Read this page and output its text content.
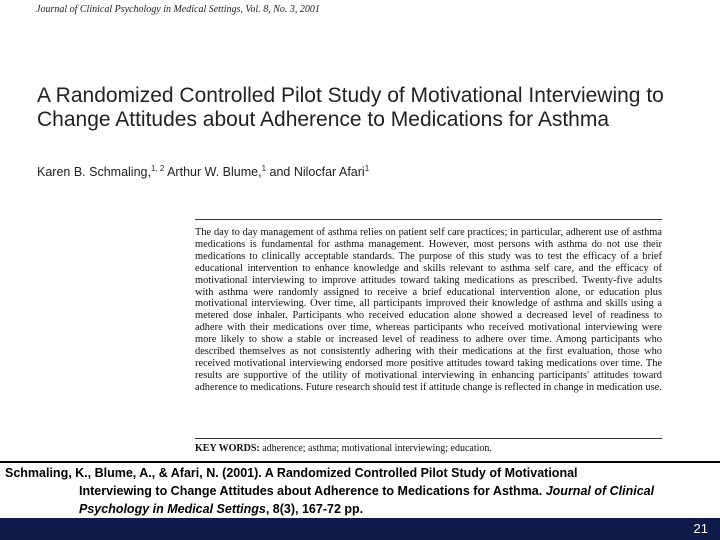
Journal of Clinical Psychology in Medical Settings, Vol. 8, No. 3, 2001
A Randomized Controlled Pilot Study of Motivational Interviewing to Change Attitudes about Adherence to Medications for Asthma
Karen B. Schmaling,$^{1, 2}$ Arthur W. Blume,$^1$ and Nilocfar Afari$^1$
The day to day management of asthma relies on patient self care practices; in particular, adherent use of asthma medications is fundamental for asthma management. However, most persons with asthma do not use their medications to clinically acceptable standards. The purpose of this study was to test the efficacy of a brief educational intervention to enhance knowledge and skills relevant to asthma self care, and the efficacy of motivational interviewing to improve attitudes toward taking medications as prescribed. Twenty-five adults with asthma were randomly assigned to receive a brief educational intervention alone, or education plus motivational interviewing. Over time, all participants improved their knowledge of asthma and skills using a metered dose inhaler. Participants who received education alone showed a decreased level of readiness to adhere with their medications over time, whereas participants who received motivational interviewing were more likely to show a stable or increased level of readiness to adhere over time. Among participants who described themselves as not consistently adhering with their medications at the first evaluation, those who received motivational interviewing endorsed more positive attitudes toward taking medications over time. The results are supportive of the utility of motivational interviewing in enhancing participants' attitudes toward adherence to medications. Future research should test if attitude change is reflected in change in medication use.
KEY WORDS: adherence; asthma; motivational interviewing; education.
Schmaling, K., Blume, A., & Afari, N. (2001). A Randomized Controlled Pilot Study of Motivational
Interviewing to Change Attitudes about Adherence to Medications for Asthma. Journal of Clinical Psychology in Medical Settings, 8(3), 167-72 pp.
21
